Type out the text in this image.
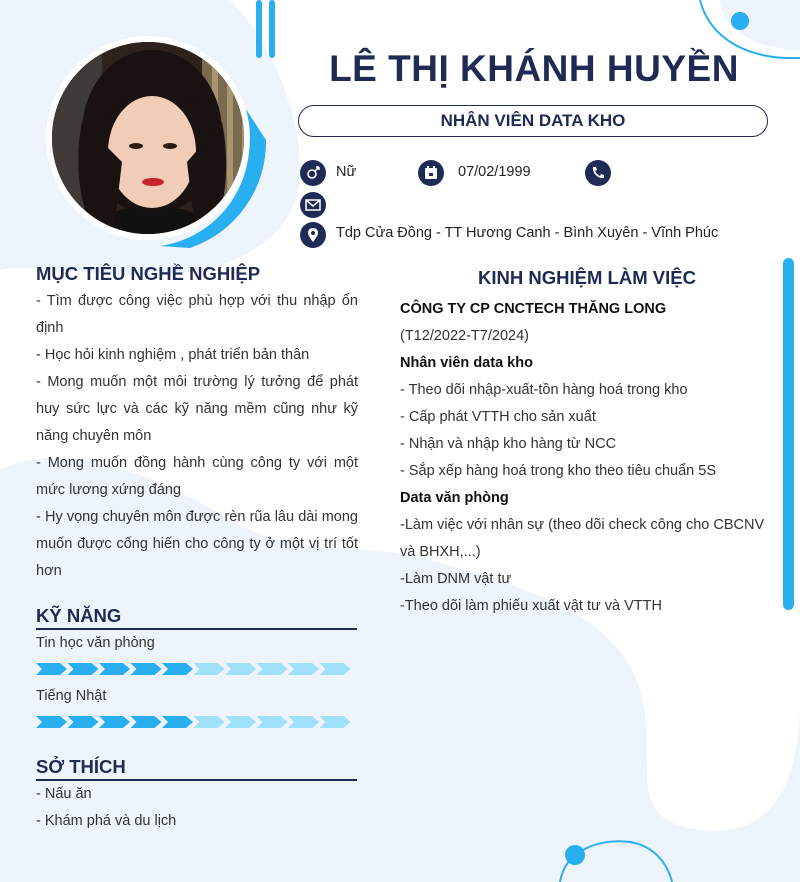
LÊ THỊ KHÁNH HUYỀN
NHÂN VIÊN DATA KHO
Nữ	07/02/1999
Tdp Cửa Đồng - TT Hương Canh - Bình Xuyên - Vĩnh Phúc
MỤC TIÊU NGHỀ NGHIỆP

- Tìm được công việc phù hợp với thu nhập ổn định

- Học hỏi kinh nghiệm , phát triển bản thân

- Mong muốn một môi trường lý tưởng để phát huy sức lực và các kỹ năng mềm cũng như kỹ năng chuyên môn

- Mong muốn đồng hành cùng công ty với một mức lương xứng đáng

- Hy vọng chuyên môn được rèn rũa lâu dài mong muốn được cống hiến cho công ty ở một vị trí tốt hơn

KỸ NĂNG
Tin học văn phòng
Tiếng Nhật
SỞ THÍCH

- Nấu ăn

- Khám phá và du lịch

KINH NGHIỆM LÀM VIỆC

CÔNG TY CP CNCTECH THĂNG LONG

(T12/2022-T7/2024)

Nhân viên data kho

- Theo dõi nhập-xuất-tồn hàng hoá trong kho

- Cấp phát VTTH cho sản xuất

- Nhận và nhập kho hàng từ NCC

- Sắp xếp hàng hoá trong kho theo tiêu chuẩn 5S

Data văn phòng

-Làm việc với nhân sự (theo dõi check công cho CBCNV và BHXH,...)

-Làm DNM vật tư

-Theo dõi làm phiếu xuất vật tư và VTTH
